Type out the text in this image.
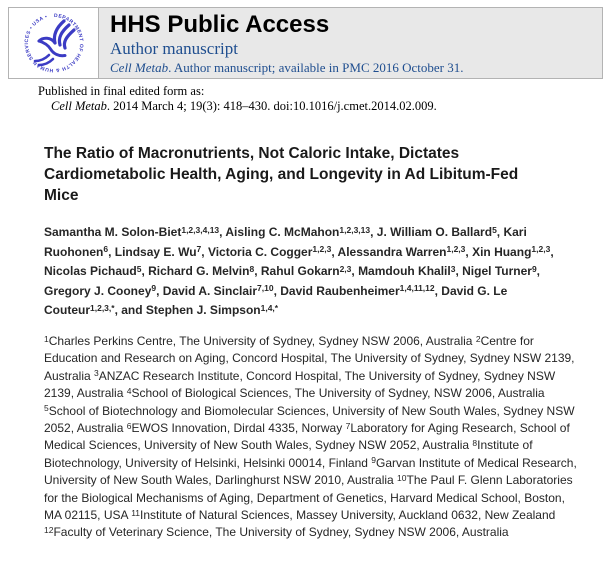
DEPARTMENT OF HEALTH & HUMAN SERVICES • USA •	HHS Public Access
Author manuscript
Cell Metab. Author manuscript; available in PMC 2016 October 31.
Published in final edited form as:
Cell Metab. 2014 March 4; 19(3): 418–430. doi:10.1016/j.cmet.2014.02.009.
The Ratio of Macronutrients, Not Caloric Intake, Dictates Cardiometabolic Health, Aging, and Longevity in Ad Libitum-Fed Mice
Samantha M. Solon-Biet$^{1,2,3,4,13}$, Aisling C. McMahon$^{1,2,3,13}$, J. William O. Ballard$^5$, Kari Ruohonen$^6$, Lindsay E. Wu$^7$, Victoria C. Cogger$^{1,2,3}$, Alessandra Warren$^{1,2,3}$, Xin Huang$^{1,2,3}$, Nicolas Pichaud$^5$, Richard G. Melvin$^8$, Rahul Gokarn$^{2,3}$, Mamdouh Khalil$^3$, Nigel Turner$^9$, Gregory J. Cooney$^9$, David A. Sinclair$^{7,10}$, David Raubenheimer$^{1,4,11,12}$, David G. Le Couteur$^{1,2,3,*}$, and Stephen J. Simpson$^{1,4,*}$
$^1$Charles Perkins Centre, The University of Sydney, Sydney NSW 2006, Australia $^2$Centre for Education and Research on Aging, Concord Hospital, The University of Sydney, Sydney NSW 2139, Australia $^3$ANZAC Research Institute, Concord Hospital, The University of Sydney, Sydney NSW 2139, Australia $^4$School of Biological Sciences, The University of Sydney, NSW 2006, Australia $^5$School of Biotechnology and Biomolecular Sciences, University of New South Wales, Sydney NSW 2052, Australia $^6$EWOS Innovation, Dirdal 4335, Norway $^7$Laboratory for Aging Research, School of Medical Sciences, University of New South Wales, Sydney NSW 2052, Australia $^8$Institute of Biotechnology, University of Helsinki, Helsinki 00014, Finland $^9$Garvan Institute of Medical Research, University of New South Wales, Darlinghurst NSW 2010, Australia $^{10}$The Paul F. Glenn Laboratories for the Biological Mechanisms of Aging, Department of Genetics, Harvard Medical School, Boston, MA 02115, USA $^{11}$Institute of Natural Sciences, Massey University, Auckland 0632, New Zealand $^{12}$Faculty of Veterinary Science, The University of Sydney, Sydney NSW 2006, Australia
